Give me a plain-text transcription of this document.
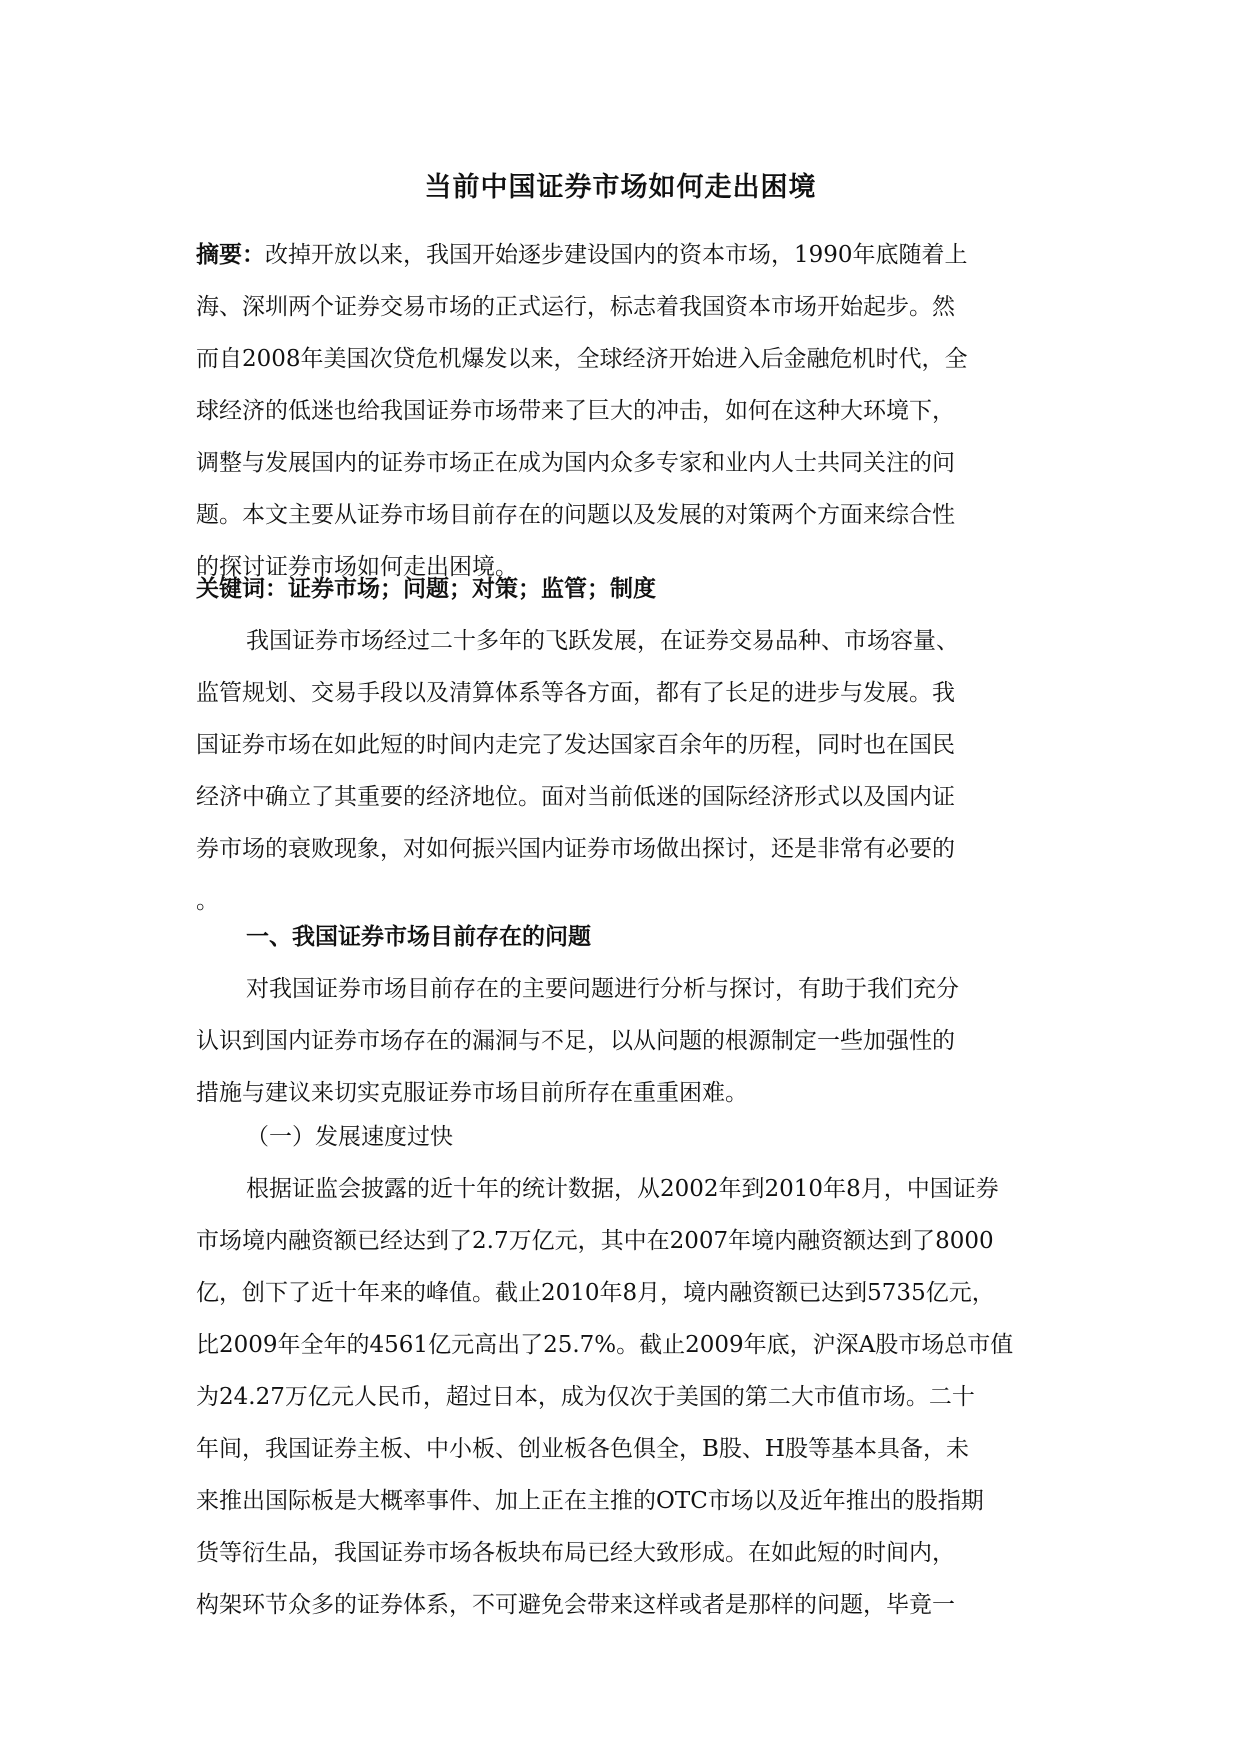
当前中国证券市场如何走出困境
摘要：改掉开放以来，我国开始逐步建设国内的资本市场，1990年底随着上
海、深圳两个证券交易市场的正式运行，标志着我国资本市场开始起步。然
而自2008年美国次贷危机爆发以来，全球经济开始进入后金融危机时代，全
球经济的低迷也给我国证券市场带来了巨大的冲击，如何在这种大环境下，
调整与发展国内的证券市场正在成为国内众多专家和业内人士共同关注的问
题。本文主要从证券市场目前存在的问题以及发展的对策两个方面来综合性
的探讨证券市场如何走出困境。
关键词：证券市场；问题；对策；监管；制度
我国证券市场经过二十多年的飞跃发展，在证券交易品种、市场容量、
监管规划、交易手段以及清算体系等各方面，都有了长足的进步与发展。我
国证券市场在如此短的时间内走完了发达国家百余年的历程，同时也在国民
经济中确立了其重要的经济地位。面对当前低迷的国际经济形式以及国内证
券市场的衰败现象，对如何振兴国内证券市场做出探讨，还是非常有必要的
。
一、我国证券市场目前存在的问题
对我国证券市场目前存在的主要问题进行分析与探讨，有助于我们充分
认识到国内证券市场存在的漏洞与不足，以从问题的根源制定一些加强性的
措施与建议来切实克服证券市场目前所存在重重困难。
（一）发展速度过快
根据证监会披露的近十年的统计数据，从2002年到2010年8月，中国证券
市场境内融资额已经达到了2.7万亿元，其中在2007年境内融资额达到了8000
亿，创下了近十年来的峰值。截止2010年8月，境内融资额已达到5735亿元，
比2009年全年的4561亿元高出了25.7%。截止2009年底，沪深A股市场总市值
为24.27万亿元人民币，超过日本，成为仅次于美国的第二大市值市场。二十
年间，我国证券主板、中小板、创业板各色俱全，B股、H股等基本具备，未
来推出国际板是大概率事件、加上正在主推的OTC市场以及近年推出的股指期
货等衍生品，我国证券市场各板块布局已经大致形成。在如此短的时间内，
构架环节众多的证券体系，不可避免会带来这样或者是那样的问题，毕竟一
